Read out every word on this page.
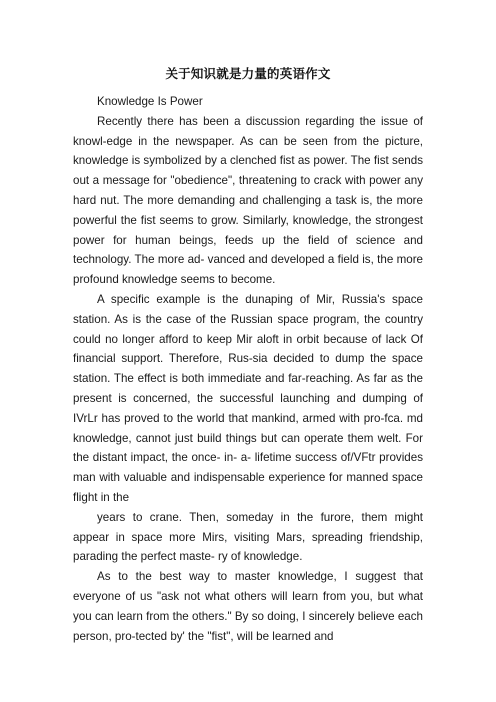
关于知识就是力量的英语作文

Knowledge Is Power

Recently there has been a discussion regarding the issue of knowl-edge in the newspaper. As can be seen from the picture, knowledge is symbolized by a clenched fist as power. The fist sends out a message for "obedience", threatening to crack with power any hard nut. The more demanding and challenging a task is, the more powerful the fist seems to grow. Similarly, knowledge, the strongest power for human beings, feeds up the field of science and technology. The more ad- vanced and developed a field is, the more profound knowledge seems to become.

A specific example is the dunaping of Mir, Russia's space station. As is the case of the Russian space program, the country could no longer afford to keep Mir aloft in orbit because of lack Of financial support. Therefore, Rus-sia decided to dump the space station. The effect is both immediate and far-reaching. As far as the present is concerned, the successful launching and dumping of IVrLr has proved to the world that mankind, armed with pro-fca. md knowledge, cannot just build things but can operate them welt. For the distant impact, the once- in- a- lifetime success of/VFtr provides man with valuable and indispensable experience for manned space flight in the

years to crane. Then, someday in the furore, them might appear in space more Mirs, visiting Mars, spreading friendship, parading the perfect maste- ry of knowledge.

As to the best way to master knowledge, I suggest that everyone of us "ask not what others will learn from you, but what you can learn from the others." By so doing, I sincerely believe each person, pro-tected by' the "fist", will be learned and
